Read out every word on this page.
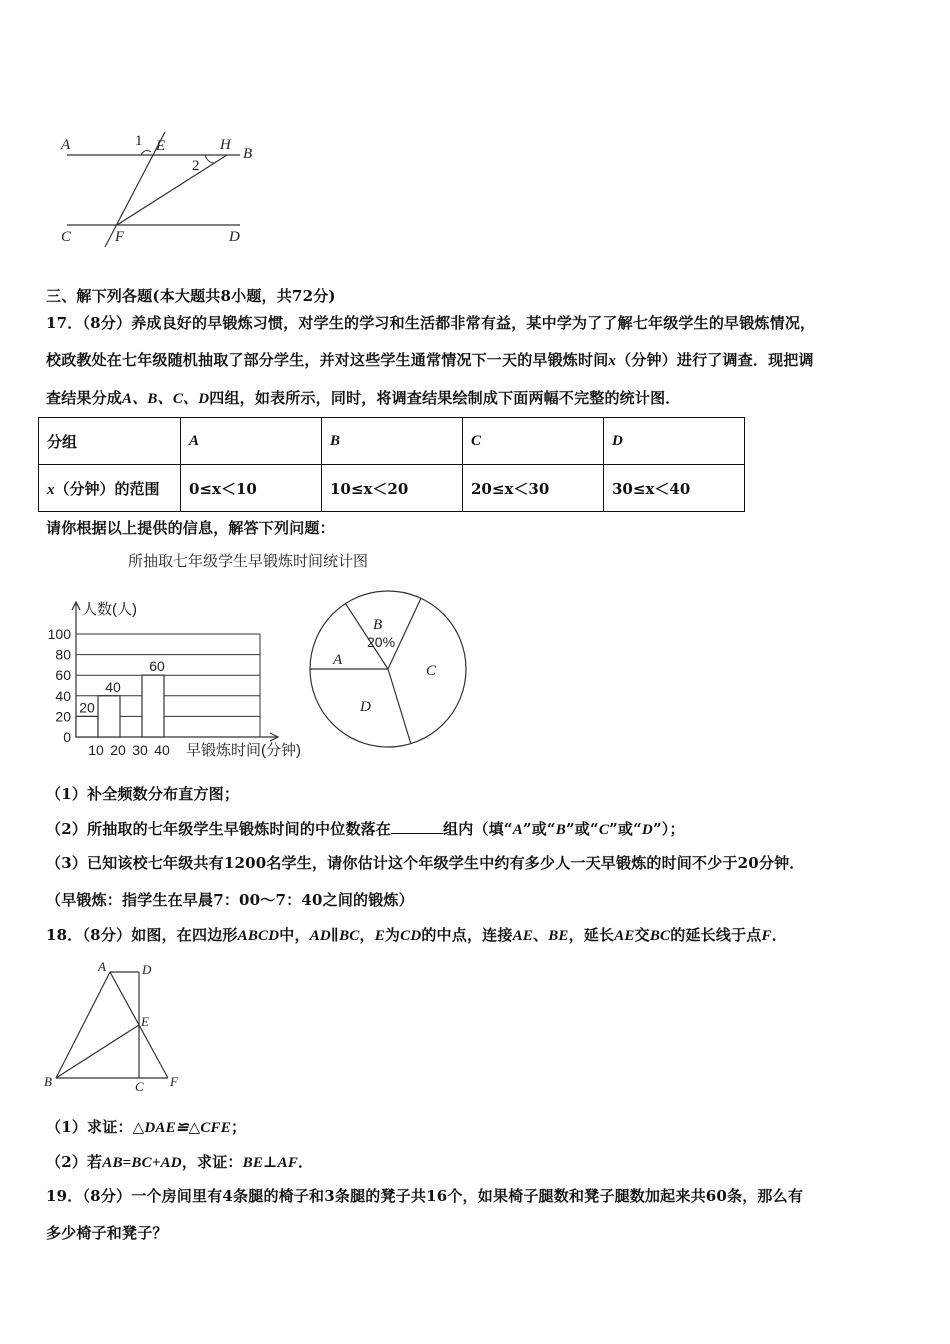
A	1 E	H
B
2
C	F	D
三、解下列各题(本大题共8小题，共72分)
17．（8分）养成良好的早锻炼习惯，对学生的学习和生活都非常有益，某中学为了了解七年级学生的早锻炼情况，
校政教处在七年级随机抽取了部分学生，并对这些学生通常情况下一天的早锻炼时间x（分钟）进行了调查．现把调
查结果分成A、B、C、D四组，如表所示，同时，将调查结果绘制成下面两幅不完整的统计图．
分组	A	B	C	D
x（分钟）的范围	0≤x＜10	10≤x＜20	20≤x＜30	30≤x＜40
请你根据以上提供的信息，解答下列问题：
所抽取七年级学生早锻炼时间统计图
人数(人)
0
20
40
60
80
100
20
40
60
10 20 30 40 早锻炼时间(分钟)
A
B
20%
C
D
（1）补全频数分布直方图；
（2）所抽取的七年级学生早锻炼时间的中位数落在	组内（填“A”或“B”或“C”或“D”）；
（3）已知该校七年级共有1200名学生，请你估计这个年级学生中约有多少人一天早锻炼的时间不少于20分钟．
（早锻炼：指学生在早晨7：00～7：40之间的锻炼）
18．（8分）如图，在四边形ABCD中，AD∥BC，E为CD的中点，连接AE、BE，延长AE交BC的延长线于点F．
A	D
E
B	C F
（1）求证：△DAE≌△CFE；
（2）若AB=BC+AD，求证：BE⊥AF．
19．（8分）一个房间里有4条腿的椅子和3条腿的凳子共16个，如果椅子腿数和凳子腿数加起来共60条，那么有
多少椅子和凳子？
